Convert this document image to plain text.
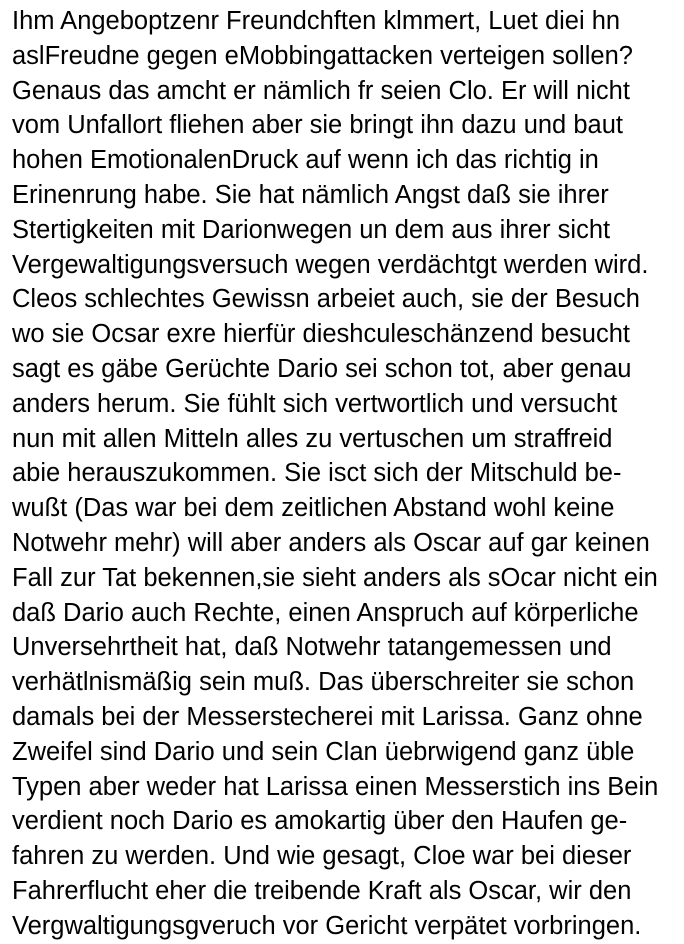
Ihm Angeboptzenr Freundchften klmmert, Luet diei hn
aslFreudne gegen eMobbingattacken verteigen sollen?
Genaus das amcht er nämlich fr seien Clo. Er will nicht
vom Unfallort fliehen aber sie bringt ihn dazu und baut
hohen EmotionalenDruck auf wenn ich das richtig in
Erinenrung habe. Sie hat nämlich Angst daß sie ihrer
Stertigkeiten mit Darionwegen un dem aus ihrer sicht
Vergewaltigungsversuch wegen verdächtgt werden wird.
Cleos schlechtes Gewissn arbeiet auch, sie der Besuch
wo sie Ocsar exre hierfür dieshculeschänzend besucht
sagt es gäbe Gerüchte Dario sei schon tot, aber genau
anders herum. Sie fühlt sich vertwortlich und versucht
nun mit allen Mitteln alles zu vertuschen um straffreid
abie herauszukommen. Sie isct sich der Mitschuld be-
wußt (Das war bei dem zeitlichen Abstand wohl keine
Notwehr mehr) will aber anders als Oscar auf gar keinen
Fall zur Tat bekennen,sie sieht anders als sOcar nicht ein
daß Dario auch Rechte, einen Anspruch auf körperliche
Unversehrtheit hat, daß Notwehr tatangemessen und
verhätlnismäßig sein muß. Das überschreiter sie schon
damals bei der Messerstecherei mit Larissa. Ganz ohne
Zweifel sind Dario und sein Clan üebrwigend ganz üble
Typen aber weder hat Larissa einen Messerstich ins Bein
verdient noch Dario es amokartig über den Haufen ge-
fahren zu werden. Und wie gesagt, Cloe war bei dieser
Fahrerflucht eher die treibende Kraft als Oscar, wir den
Vergwaltigungsgveruch vor Gericht verpätet vorbringen.
